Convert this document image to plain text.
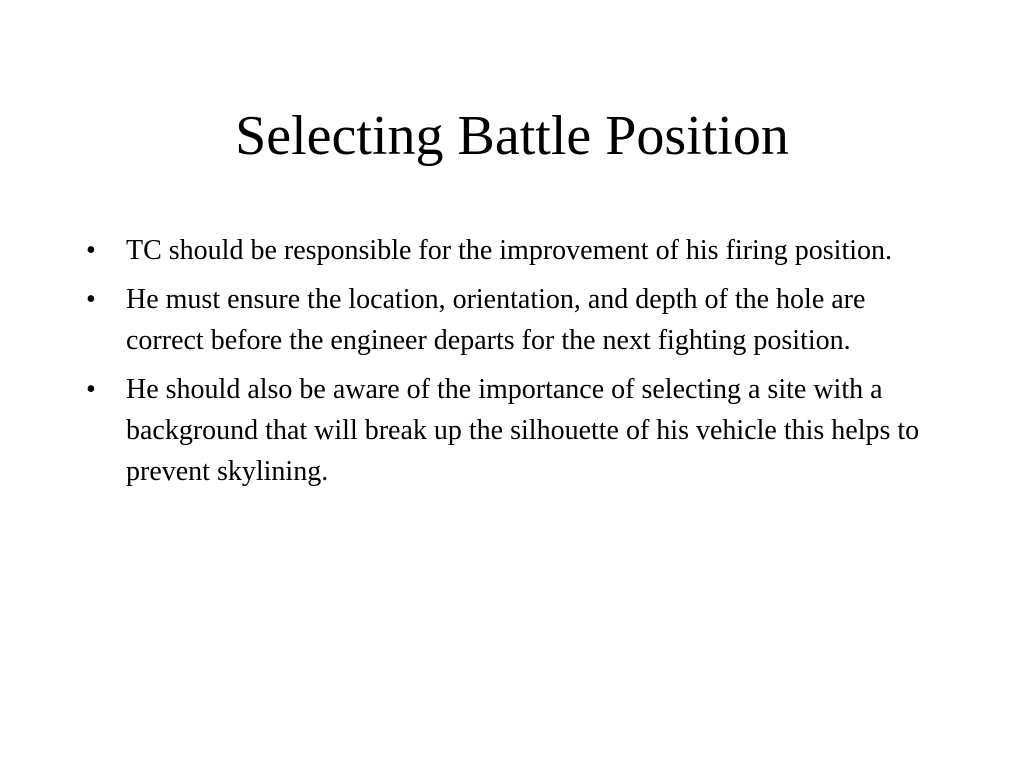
Selecting Battle Position
•	TC should be responsible for the improvement of his firing position.
•	He must ensure the location, orientation, and depth of the hole are correct before the engineer departs for the next fighting position.
•	He should also be aware of the importance of selecting a site with a background that will break up the silhouette of his vehicle this helps to prevent skylining.
